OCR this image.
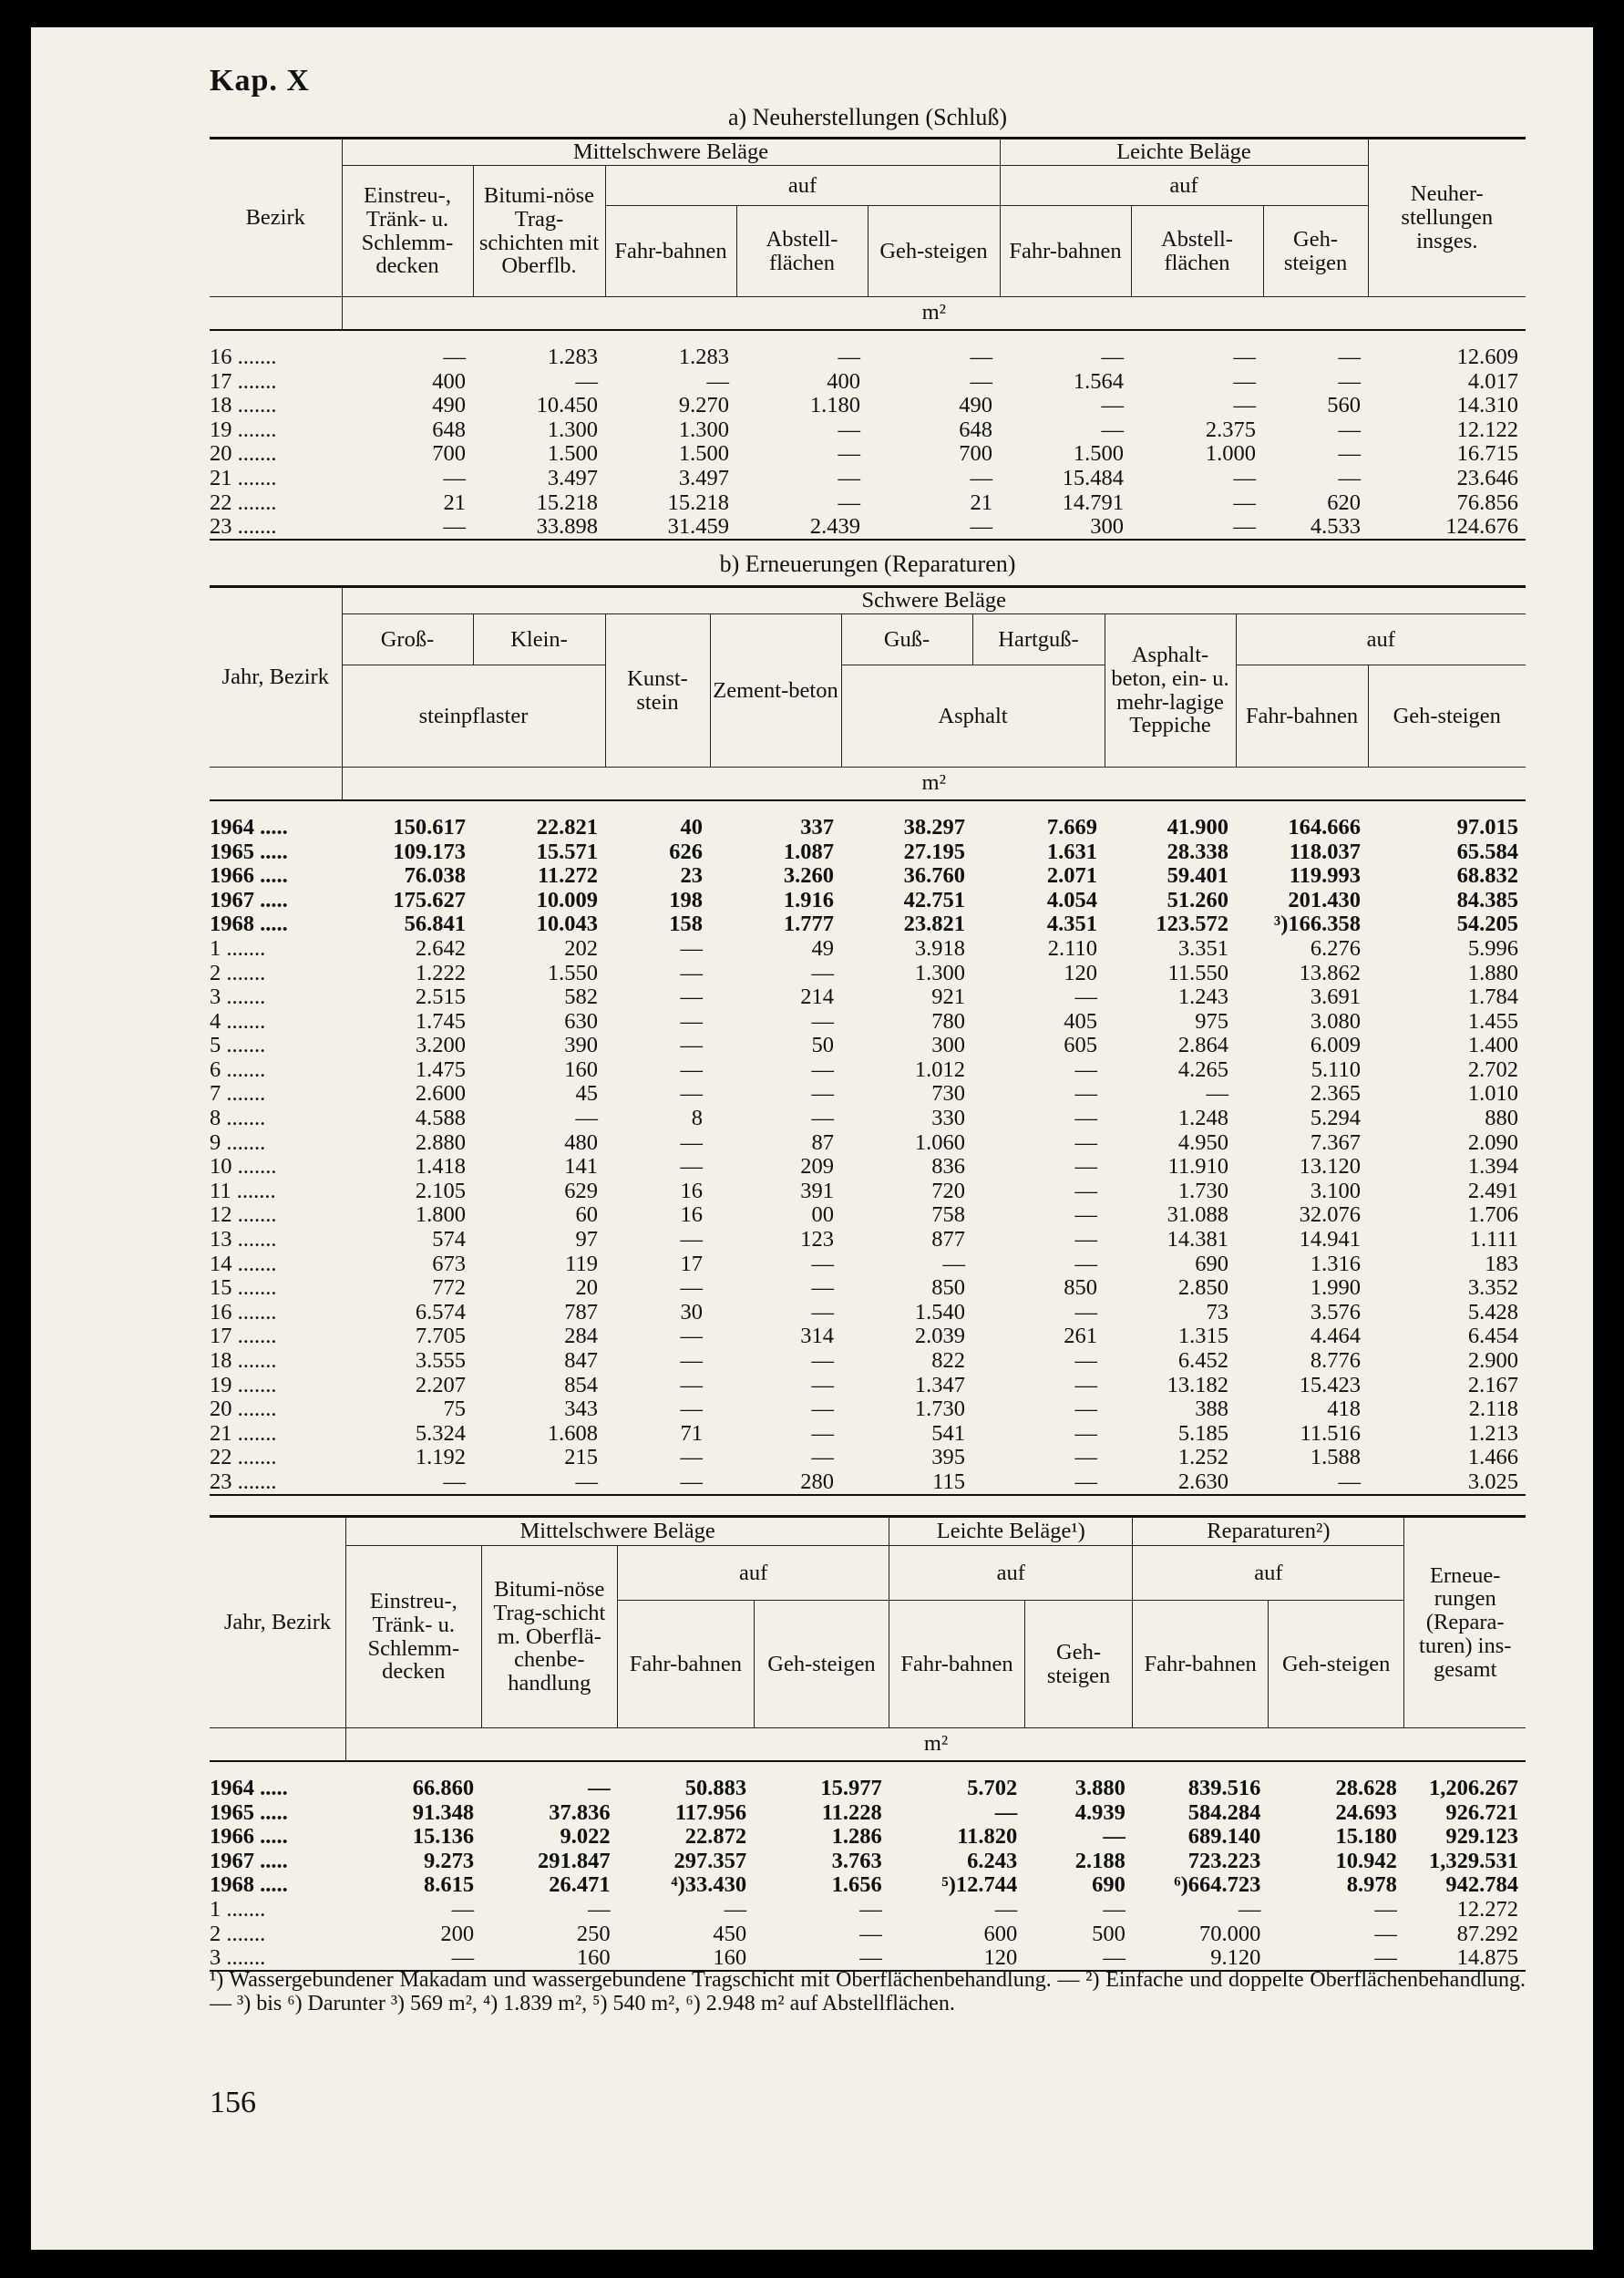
Kap. X
a) Neuherstellungen (Schluß)
Bezirk	Mittelschwere Beläge					Leichte Beläge			Neuher-stellungen insges.
	Einstreu-, Tränk- u. Schlemm-decken	Bitumi-nöse Trag-schichten mit Oberflb.	auf			auf			
			Fahr-bahnen	Abstell-flächen	Geh-steigen	Fahr-bahnen	Abstell-flächen	Geh-steigen	
	m²								

16 .......	—	1.283	1.283	—	—	—	—	—	12.609
17 .......	400	—	—	400	—	1.564	—	—	4.017
18 .......	490	10.450	9.270	1.180	490	—	—	560	14.310
19 .......	648	1.300	1.300	—	648	—	2.375	—	12.122
20 .......	700	1.500	1.500	—	700	1.500	1.000	—	16.715
21 .......	—	3.497	3.497	—	—	15.484	—	—	23.646
22 .......	21	15.218	15.218	—	21	14.791	—	620	76.856
23 .......	—	33.898	31.459	2.439	—	300	—	4.533	124.676
b) Erneuerungen (Reparaturen)
Jahr, Bezirk	Schwere Beläge								
	Groß-	Klein-	Kunst-stein	Zement-beton	Guß-	Hartguß-	Asphalt-beton, ein- u. mehr-lagige Teppiche	auf	
	steinpflaster				Asphalt			Fahr-bahnen	Geh-steigen
	m²								

1964 .....	150.617	22.821	40	337	38.297	7.669	41.900	164.666	97.015
1965 .....	109.173	15.571	626	1.087	27.195	1.631	28.338	118.037	65.584
1966 .....	76.038	11.272	23	3.260	36.760	2.071	59.401	119.993	68.832
1967 .....	175.627	10.009	198	1.916	42.751	4.054	51.260	201.430	84.385
1968 .....	56.841	10.043	158	1.777	23.821	4.351	123.572	³)166.358	54.205
1 .......	2.642	202	—	49	3.918	2.110	3.351	6.276	5.996
2 .......	1.222	1.550	—	—	1.300	120	11.550	13.862	1.880
3 .......	2.515	582	—	214	921	—	1.243	3.691	1.784
4 .......	1.745	630	—	—	780	405	975	3.080	1.455
5 .......	3.200	390	—	50	300	605	2.864	6.009	1.400
6 .......	1.475	160	—	—	1.012	—	4.265	5.110	2.702
7 .......	2.600	45	—	—	730	—	—	2.365	1.010
8 .......	4.588	—	8	—	330	—	1.248	5.294	880
9 .......	2.880	480	—	87	1.060	—	4.950	7.367	2.090
10 .......	1.418	141	—	209	836	—	11.910	13.120	1.394
11 .......	2.105	629	16	391	720	—	1.730	3.100	2.491
12 .......	1.800	60	16	00	758	—	31.088	32.076	1.706
13 .......	574	97	—	123	877	—	14.381	14.941	1.111
14 .......	673	119	17	—	—	—	690	1.316	183
15 .......	772	20	—	—	850	850	2.850	1.990	3.352
16 .......	6.574	787	30	—	1.540	—	73	3.576	5.428
17 .......	7.705	284	—	314	2.039	261	1.315	4.464	6.454
18 .......	3.555	847	—	—	822	—	6.452	8.776	2.900
19 .......	2.207	854	—	—	1.347	—	13.182	15.423	2.167
20 .......	75	343	—	—	1.730	—	388	418	2.118
21 .......	5.324	1.608	71	—	541	—	5.185	11.516	1.213
22 .......	1.192	215	—	—	395	—	1.252	1.588	1.466
23 .......	—	—	—	280	115	—	2.630	—	3.025
Jahr, Bezirk	Mittelschwere Beläge				Leichte Beläge¹)		Reparaturen²)		Erneue-rungen (Repara-turen) ins-gesamt
	Einstreu-, Tränk- u. Schlemm-decken	Bitumi-nöse Trag-schicht m. Oberflä-chenbe-handlung	auf		auf		auf		
			Fahr-bahnen	Geh-steigen	Fahr-bahnen	Geh-steigen	Fahr-bahnen	Geh-steigen	
	m²								

1964 .....	66.860	—	50.883	15.977	5.702	3.880	839.516	28.628	1,206.267
1965 .....	91.348	37.836	117.956	11.228	—	4.939	584.284	24.693	926.721
1966 .....	15.136	9.022	22.872	1.286	11.820	—	689.140	15.180	929.123
1967 .....	9.273	291.847	297.357	3.763	6.243	2.188	723.223	10.942	1,329.531
1968 .....	8.615	26.471	⁴)33.430	1.656	⁵)12.744	690	⁶)664.723	8.978	942.784
1 .......	—	—	—	—	—	—	—	—	12.272
2 .......	200	250	450	—	600	500	70.000	—	87.292
3 .......	—	160	160	—	120	—	9.120	—	14.875
¹) Wassergebundener Makadam und wassergebundene Tragschicht mit Oberflächenbehandlung. — ²) Einfache und doppelte Oberflächenbehandlung. — ³) bis ⁶) Darunter ³) 569 m², ⁴) 1.839 m², ⁵) 540 m², ⁶) 2.948 m² auf Abstellflächen.
156
